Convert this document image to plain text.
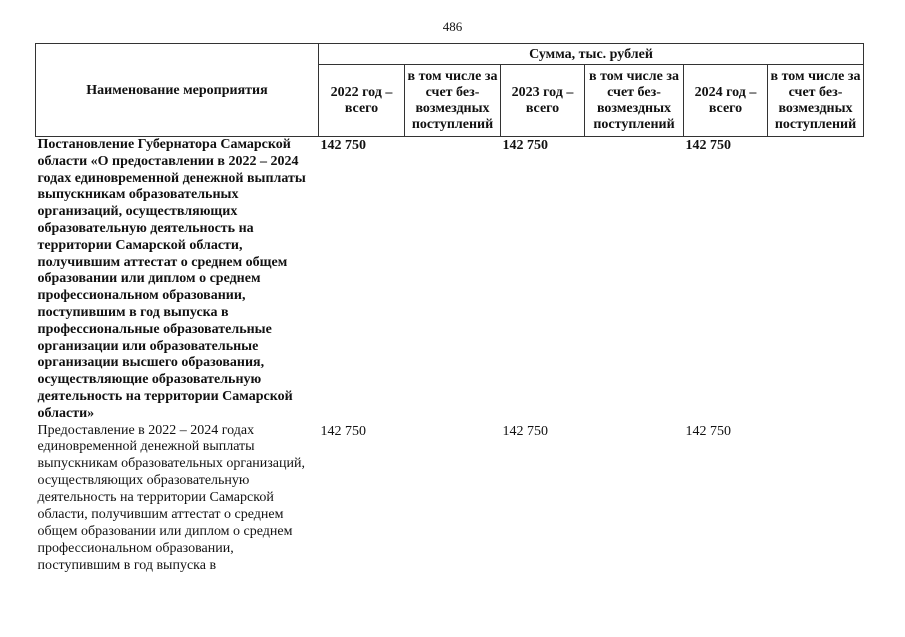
486
Наименование мероприятия	Сумма, тыс. рублей					
	2022 год – всего	в том числе за счет без-возмездных поступлений	2023 год – всего	в том числе за счет без-возмездных поступлений	2024 год – всего	в том числе за счет без-возмездных поступлений
Постановление Губернатора Самарской области «О предоставлении в 2022 – 2024 годах единовременной денежной выплаты выпускникам образовательных организаций, осуществляющих образовательную деятельность на территории Самарской области, получившим аттестат о среднем общем образовании или диплом о среднем профессиональном образовании, поступившим в год выпуска в профессиональные образовательные организации или образовательные организации высшего образования, осуществляющие образовательную деятельность на территории Самарской области»	142 750		142 750		142 750	
Предоставление в 2022 – 2024 годах единовременной денежной выплаты выпускникам образовательных организаций, осуществляющих образовательную деятельность на территории Самарской области, получившим аттестат о среднем общем образовании или диплом о среднем профессиональном образовании, поступившим в год выпуска в	142 750		142 750		142 750	
